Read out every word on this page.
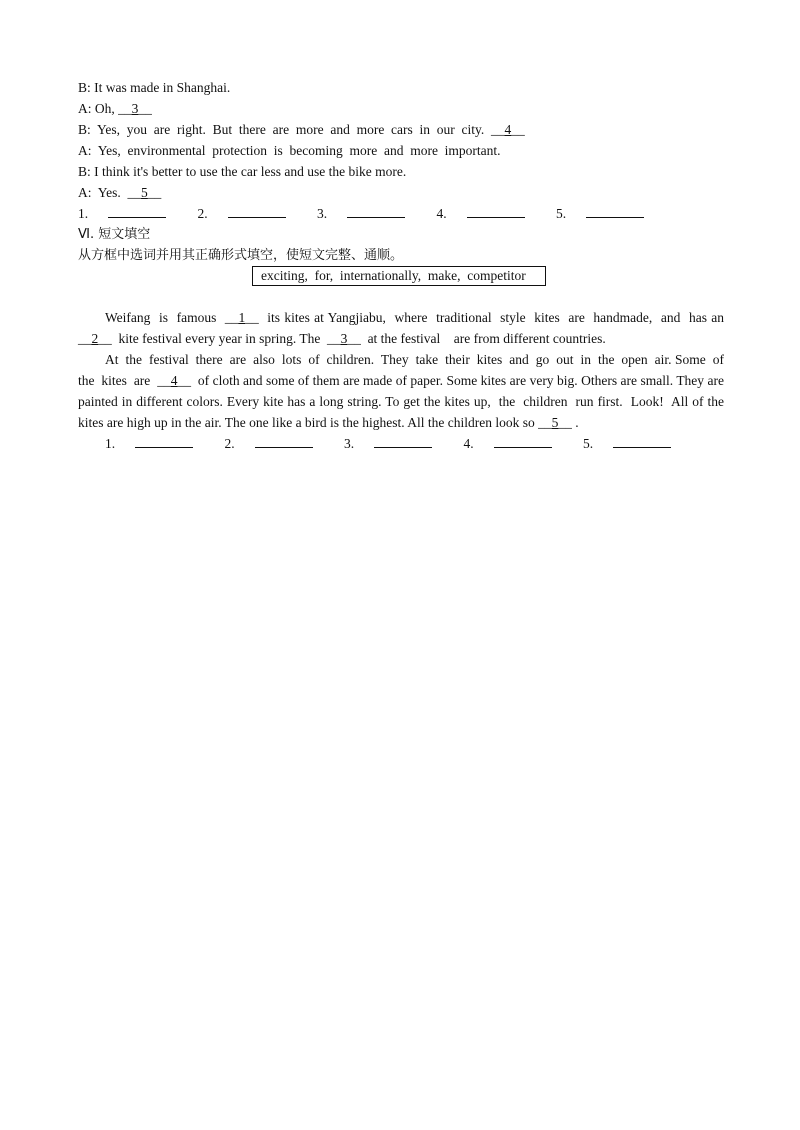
B: It was made in Shanghai.
A: Oh, __3__
B:  Yes,  you  are  right.  But  there  are  more  and  more  cars  in  our  city.  __4__
A:  Yes,  environmental  protection  is  becoming  more  and  more  important.
B: I think it's better to use the car less and use the bike more.
A:  Yes.  __5__
1.	2.	3.	4.	5.
Ⅵ. 短文填空
从方框中选词并用其正确形式填空，使短文完整、通顺。
exciting,  for,  internationally,  make,  competitor

Weifang  is  famous  __1__  its kites at Yangjiabu,  where  traditional  style  kites  are  handmade,  and  has an  __2__  kite festival every year in spring. The  __3__  at the festival    are from different countries.

At  the  festival  there  are  also  lots  of  children.  They  take  their  kites  and  go  out  in  the  open  air. Some  of  the  kites  are  __4__  of cloth and some of them are made of paper. Some kites are very big. Others are small. They are painted in different colors. Every kite has a long string. To get the kites up,  the  children  run first.  Look!  All of the kites are high up in the air. The one like a bird is the highest. All the children look so __5__ .

1.	2.	3.	4.	5.
